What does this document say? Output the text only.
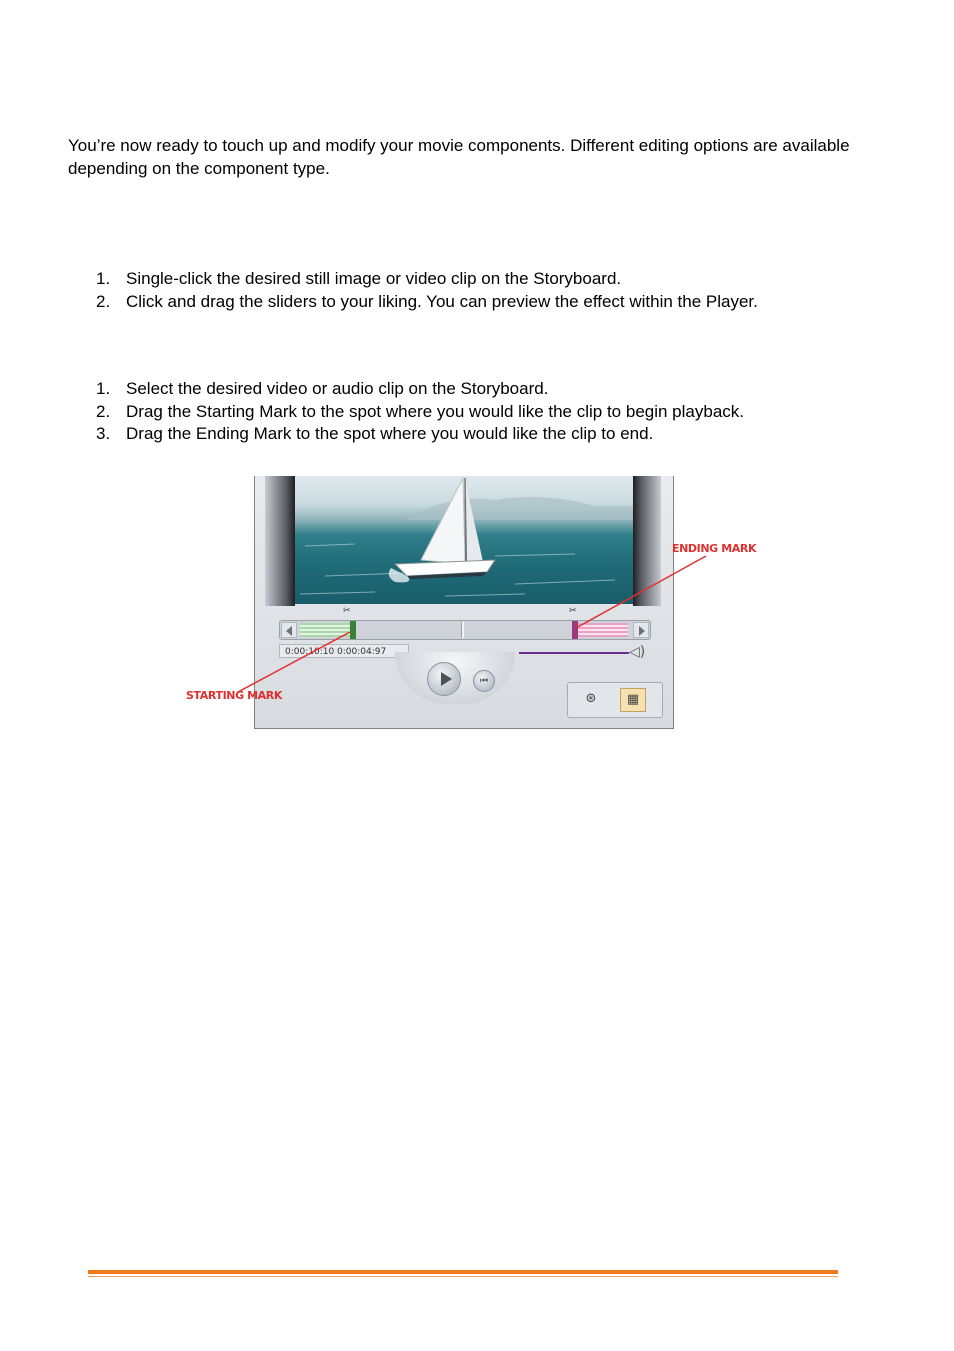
You’re now ready to touch up and modify your movie components. Different editing options are available depending on the component type.

1. Single-click the desired still image or video clip on the Storyboard.
2. Click and drag the sliders to your liking. You can preview the effect within the Player.
1. Select the desired video or audio clip on the Storyboard.
2. Drag the Starting Mark to the spot where you would like the clip to begin playback.
3. Drag the Ending Mark to the spot where you would like the clip to end.
✂	✂
0:00:10:10 0:00:04:97	◁)
⏮
⊛	▦
ENDING MARK
STARTING MARK
